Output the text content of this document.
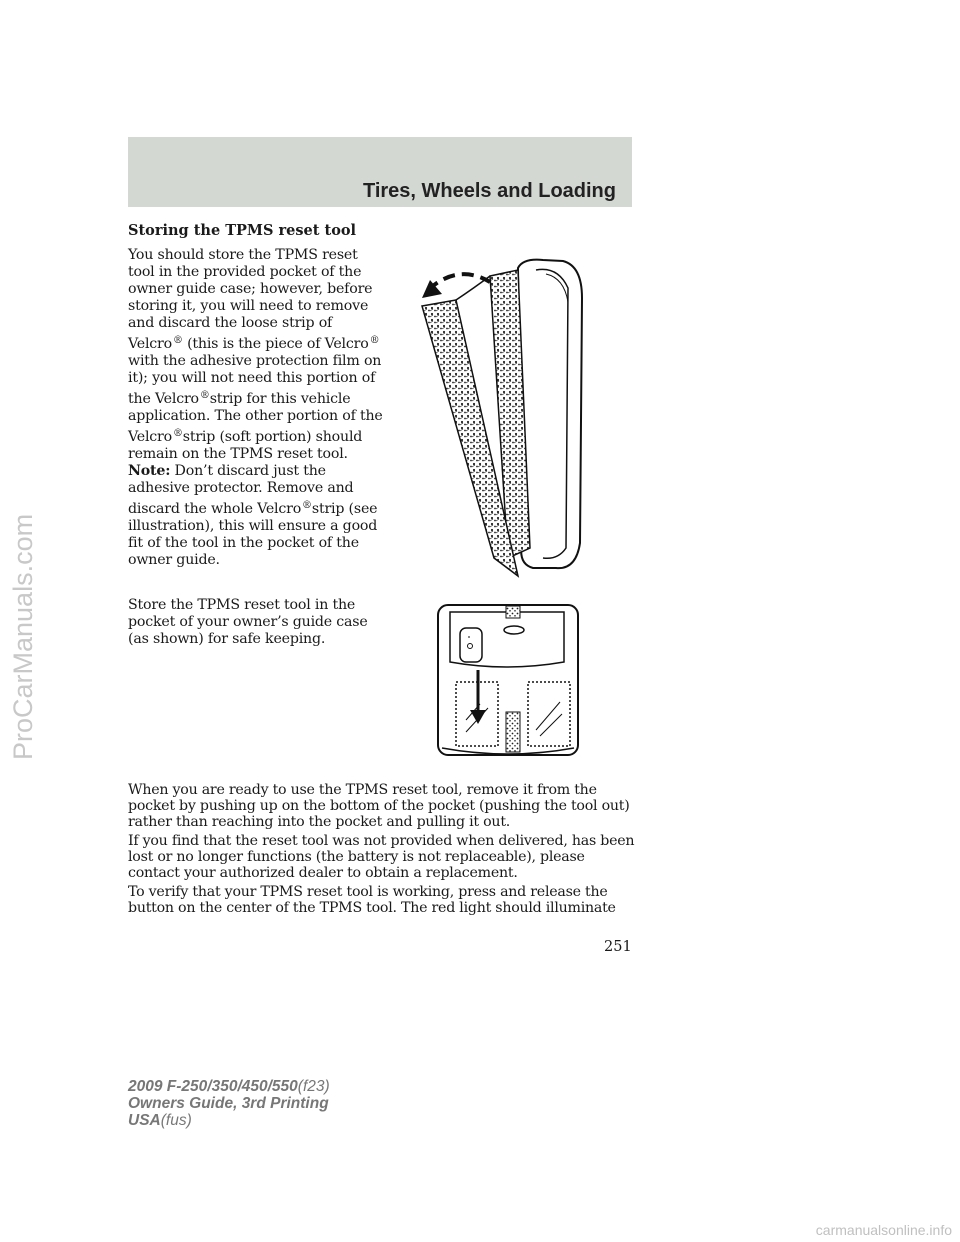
Tires, Wheels and Loading
ProCarManuals.com
Storing the TPMS reset tool
You should store the TPMS reset
tool in the provided pocket of the
owner guide case; however, before
storing it, you will need to remove
and discard the loose strip of
Velcro® (this is the piece of Velcro®
with the adhesive protection film on
it); you will not need this portion of
the Velcro®strip for this vehicle
application. The other portion of the
Velcro®strip (soft portion) should
remain on the TPMS reset tool.
Note: Don’t discard just the
adhesive protector. Remove and
discard the whole Velcro®strip (see
illustration), this will ensure a good
fit of the tool in the pocket of the
owner guide.
Store the TPMS reset tool in the
pocket of your owner’s guide case
(as shown) for safe keeping.

When you are ready to use the TPMS reset tool, remove it from the pocket by pushing up on the bottom of the pocket (pushing the tool out) rather than reaching into the pocket and pulling it out.

If you find that the reset tool was not provided when delivered, has been lost or no longer functions (the battery is not replaceable), please contact your authorized dealer to obtain a replacement.

To verify that your TPMS reset tool is working, press and release the button on the center of the TPMS tool. The red light should illuminate

251
2009 F-250/350/450/550(f23)
Owners Guide, 3rd Printing
USA(fus)
carmanualsonline.info
